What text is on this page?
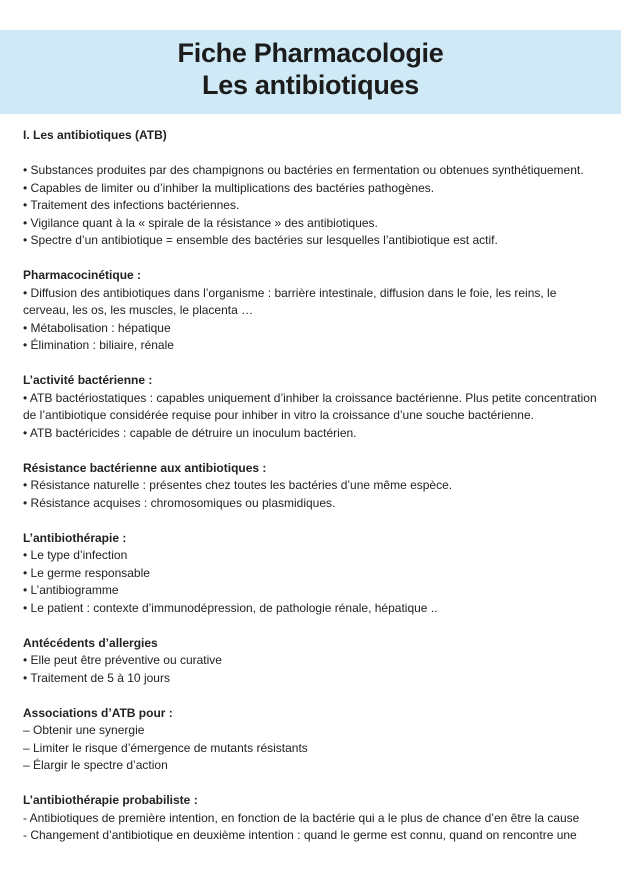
Fiche Pharmacologie
Les antibiotiques

I. Les antibiotiques (ATB)

• Substances produites par des champignons ou bactéries en fermentation ou obtenues synthétiquement.

• Capables de limiter ou d’inhiber la multiplications des bactéries pathogènes.

• Traitement des infections bactériennes.

• Vigilance quant à la « spirale de la résistance » des antibiotiques.

• Spectre d’un antibiotique = ensemble des bactéries sur lesquelles l’antibiotique est actif.

Pharmacocinétique :

• Diffusion des antibiotiques dans l’organisme : barrière intestinale, diffusion dans le foie, les reins, le cerveau, les os, les muscles, le placenta …

• Métabolisation : hépatique

• Élimination : biliaire, rénale

L’activité bactérienne :

• ATB bactériostatiques : capables uniquement d’inhiber la croissance bactérienne. Plus petite concentration de l’antibiotique considérée requise pour inhiber in vitro la croissance d’une souche bactérienne.

• ATB bactéricides : capable de détruire un inoculum bactérien.

Résistance bactérienne aux antibiotiques :

• Résistance naturelle : présentes chez toutes les bactéries d’une même espèce.

• Résistance acquises : chromosomiques ou plasmidiques.

L’antibiothérapie :

• Le type d’infection

• Le germe responsable

• L’antibiogramme

• Le patient : contexte d’immunodépression, de pathologie rénale, hépatique ..

Antécédents d’allergies

• Elle peut être préventive ou curative

• Traitement de 5 à 10 jours

Associations d’ATB pour :

– Obtenir une synergie

– Limiter le risque d’émergence de mutants résistants

– Élargir le spectre d’action

L’antibiothérapie probabiliste :

- Antibiotiques de première intention, en fonction de la bactérie qui a le plus de chance d’en être la cause

- Changement d’antibiotique en deuxième intention : quand le germe est connu, quand on rencontre une
